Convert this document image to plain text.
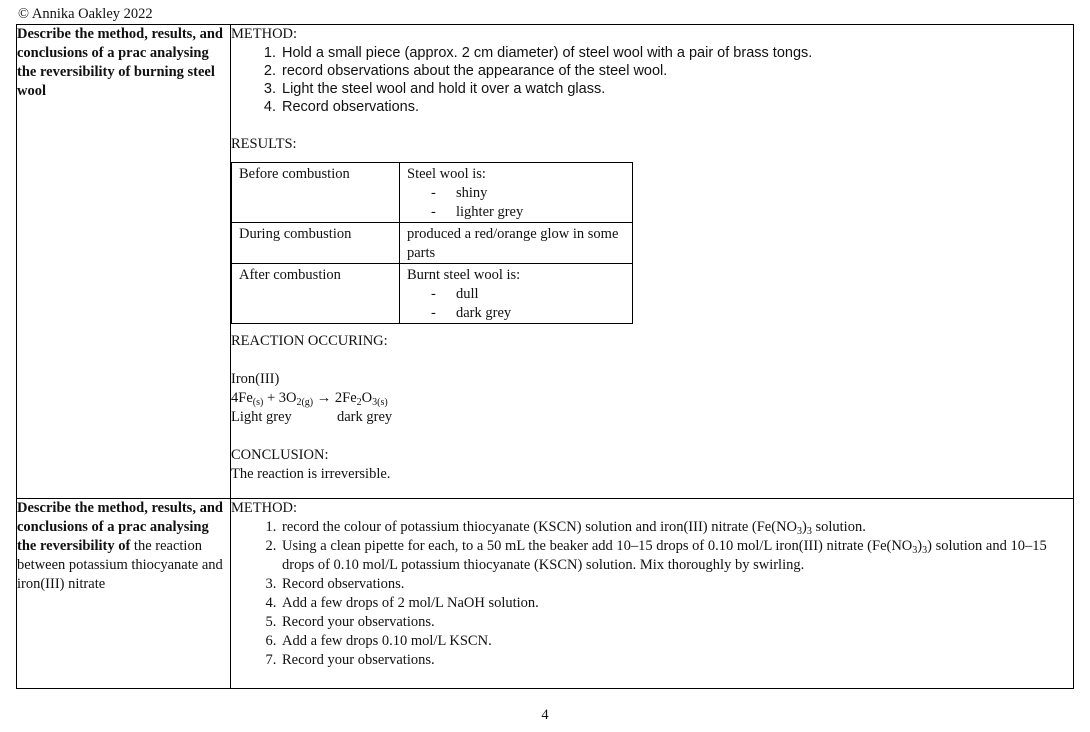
© Annika Oakley 2022
Describe the method, results, and conclusions of a prac analysing the reversibility of burning steel wool	
METHOD:
1. Hold a small piece (approx. 2 cm diameter) of steel wool with a pair of brass tongs.
2. record observations about the appearance of the steel wool.
3. Light the steel wool and hold it over a watch glass.
4. Record observations.
RESULTS:
Before combustion	Steel wool is:
- shiny
- lighter grey

During combustion	produced a red/orange glow in some parts

After combustion	Burnt steel wool is:
- dull
- dark grey
REACTION OCCURING:
Iron(III)
$4Fe_{(s)} + 3O_{2(g)} \to 2Fe_2O_{3(s)}$
Light grey	dark grey
CONCLUSION:
The reaction is irreversible.

Describe the method, results, and conclusions of a prac analysing the reversibility of the reaction between potassium thiocyanate and iron(III) nitrate	
METHOD:
1. record the colour of potassium thiocyanate (KSCN) solution and iron(III) nitrate ($Fe(NO_3)_3$ solution.
2. Using a clean pipette for each, to a 50 mL the beaker add 10–15 drops of 0.10 mol/L iron(III) nitrate $(Fe(NO_3)_3)$ solution and 10–15 drops of 0.10 mol/L potassium thiocyanate (KSCN) solution. Mix thoroughly by swirling.
3. Record observations.
4. Add a few drops of 2 mol/L NaOH solution.
5. Record your observations.
6. Add a few drops 0.10 mol/L KSCN.
7. Record your observations.
4
